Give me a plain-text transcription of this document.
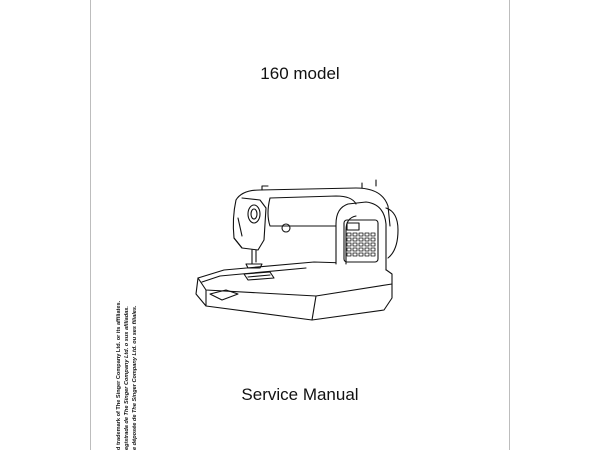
160 model
Service Manual
d trademark of The Singer Company Ltd. or its affiliates. egistrada de The Singer Company Ltd. o sus afiliadas. e déposée de The Singer Company Ltd. ou ses filiales.
